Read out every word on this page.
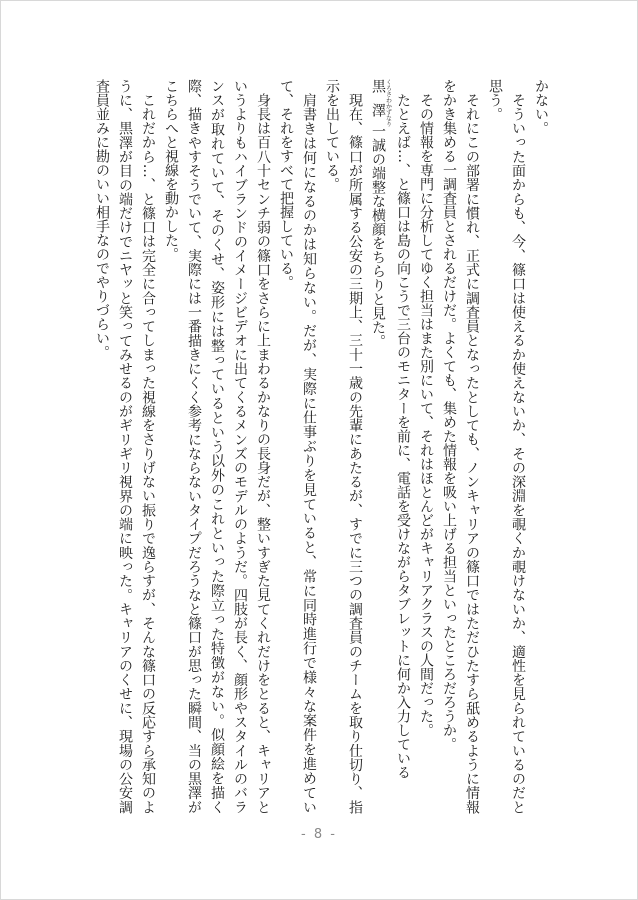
かない。

そういった面からも、今、篠口は使えるか使えないか、その深淵を覗くか覗けないか、適性を見られているのだと思う。

それにこの部署に慣れ、正式に調査員となったとしても、ノンキャリアの篠口ではただひたすら舐めるように情報をかき集める一調査員とされるだけだ。よくても、集めた情報を吸い上げる担当といったところだろうか。

その情報を専門に分析してゆく担当はまた別にいて、それはほとんどがキャリアクラスの人間だった。

たとえば…、と篠口は島の向こうで三台のモニターを前に、電話を受けながらタブレットに何か入力している

黒澤くろさわかずなり一誠の端整な横顔をちらりと見た。

現在、篠口が所属する公安の三期上、三十一歳の先輩にあたるが、すでに三つの調査員のチームを取り仕切り、指示を出している。

肩書きは何になるのかは知らない。だが、実際に仕事ぶりを見ていると、常に同時進行で様々な案件を進めていて、それをすべて把握している。

身長は百八十センチ弱の篠口をさらに上まわるかなりの長身だが、整いすぎた見てくれだけをとると、キャリアというよりもハイブランドのイメージビデオに出てくるメンズのモデルのようだ。四肢が長く、顔形やスタイルのバランスが取れていて、そのくせ、姿形には整っているという以外のこれといった際立った特徴がない。似顔絵を描く際、描きやすそうでいて、実際には一番描きにくく参考にならないタイプだろうなと篠口が思った瞬間、当の黒澤がこちらへと視線を動かした。

これだから…、と篠口は完全に合ってしまった視線をさりげない振りで逸らすが、そんな篠口の反応すら承知のように、黒澤が目の端だけでニヤッと笑ってみせるのがギリギリ視界の端に映った。キャリアのくせに、現場の公安調査員並みに勘のいい相手なのでやりづらい。

- 8 -
